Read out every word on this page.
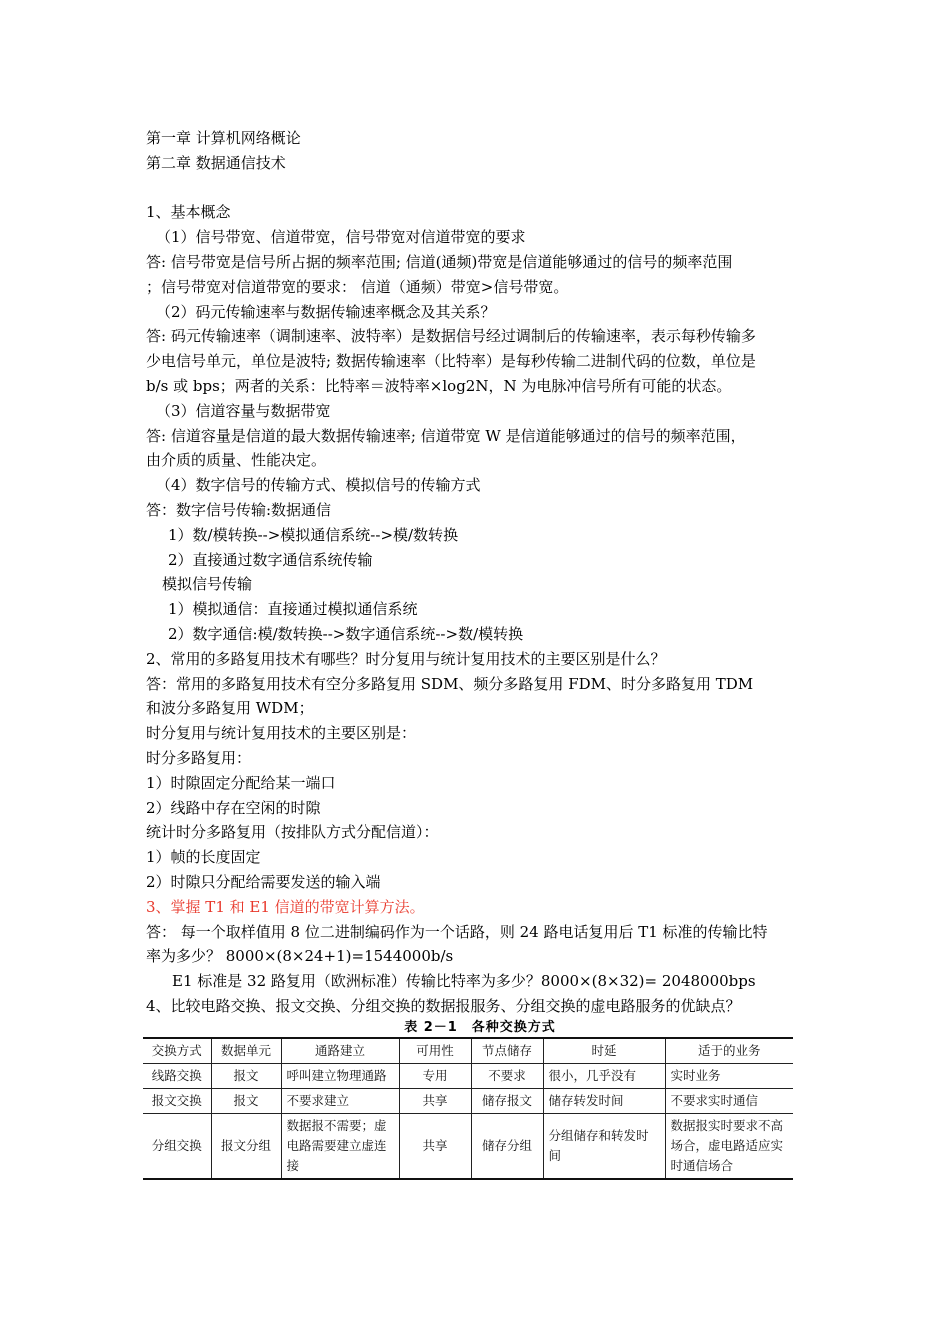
第一章 计算机网络概论
第二章 数据通信技术
1、基本概念
（1）信号带宽、信道带宽，信号带宽对信道带宽的要求
答: 信号带宽是信号所占据的频率范围; 信道(通频)带宽是信道能够通过的信号的频率范围
；信号带宽对信道带宽的要求： 信道（通频）带宽>信号带宽。
（2）码元传输速率与数据传输速率概念及其关系？
答: 码元传输速率（调制速率、波特率）是数据信号经过调制后的传输速率，表示每秒传输多
少电信号单元，单位是波特; 数据传输速率（比特率）是每秒传输二进制代码的位数，单位是
b/s 或 bps；两者的关系：比特率＝波特率×log2N，N 为电脉冲信号所有可能的状态。
（3）信道容量与数据带宽
答: 信道容量是信道的最大数据传输速率; 信道带宽 W 是信道能够通过的信号的频率范围，
由介质的质量、性能决定。
（4）数字信号的传输方式、模拟信号的传输方式
答：数字信号传输:数据通信
1）数/模转换-->模拟通信系统-->模/数转换
2）直接通过数字通信系统传输
模拟信号传输
1）模拟通信：直接通过模拟通信系统
2）数字通信:模/数转换-->数字通信系统-->数/模转换
2、常用的多路复用技术有哪些？时分复用与统计复用技术的主要区别是什么？
答：常用的多路复用技术有空分多路复用 SDM、频分多路复用 FDM、时分多路复用 TDM
和波分多路复用 WDM；
时分复用与统计复用技术的主要区别是：
时分多路复用：
1）时隙固定分配给某一端口
2）线路中存在空闲的时隙
统计时分多路复用（按排队方式分配信道）：
1）帧的长度固定
2）时隙只分配给需要发送的输入端
3、掌握 T1 和 E1 信道的带宽计算方法。
答： 每一个取样值用 8 位二进制编码作为一个话路，则 24 路电话复用后 T1 标准的传输比特
率为多少？ 8000×(8×24+1)=1544000b/s
E1 标准是 32 路复用（欧洲标准）传输比特率为多少？8000×(8×32)= 2048000bps
4、比较电路交换、报文交换、分组交换的数据报服务、分组交换的虚电路服务的优缺点？
表 2－1　各种交换方式
交换方式	数据单元	通路建立	可用性	节点储存	时延	适于的业务
线路交换	报文	呼叫建立物理通路	专用	不要求	很小，几乎没有	实时业务
报文交换	报文	不要求建立	共享	储存报文	储存转发时间	不要求实时通信
分组交换	报文分组	数据报不需要；虚电路需要建立虚连接	共享	储存分组	分组储存和转发时间	数据报实时要求不高场合，虚电路适应实时通信场合
